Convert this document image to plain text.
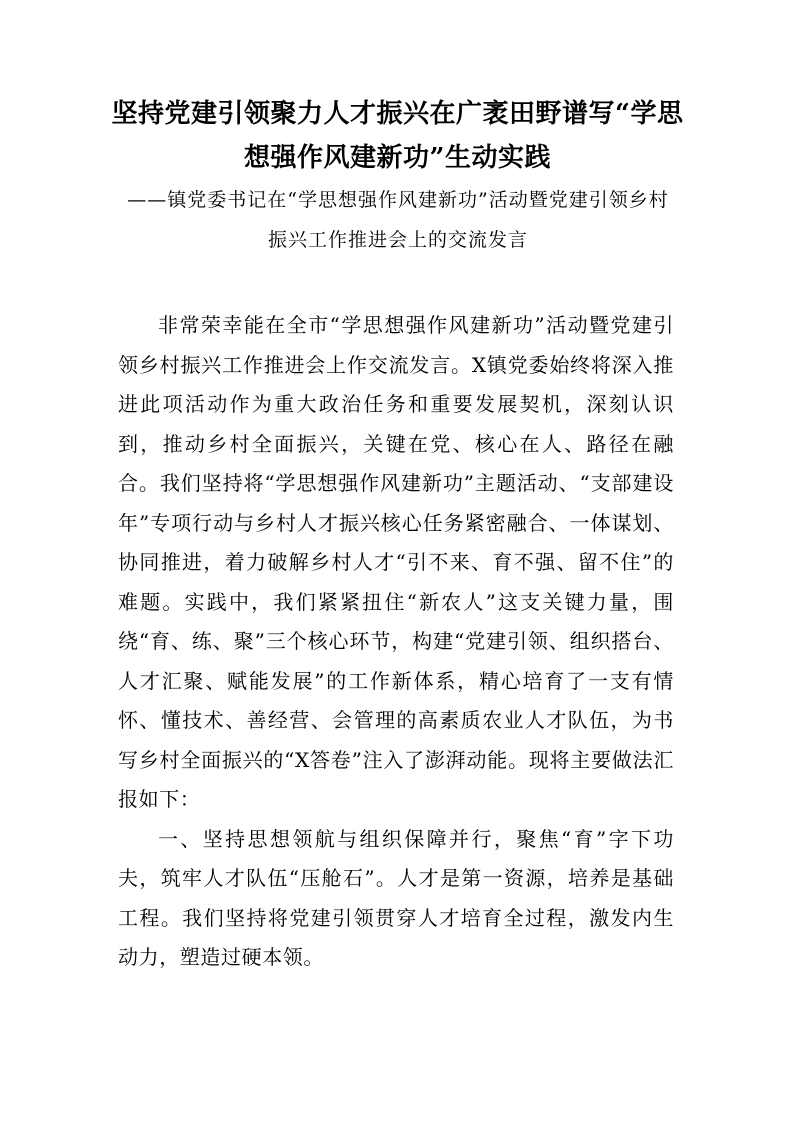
坚持党建引领聚力人才振兴在广袤田野谱写“学思想强作风建新功”生动实践

——镇党委书记在“学思想强作风建新功”活动暨党建引领乡村振兴工作推进会上的交流发言

非常荣幸能在全市“学思想强作风建新功”活动暨党建引领乡村振兴工作推进会上作交流发言。X镇党委始终将深入推进此项活动作为重大政治任务和重要发展契机，深刻认识到，推动乡村全面振兴，关键在党、核心在人、路径在融合。我们坚持将“学思想强作风建新功”主题活动、“支部建设年”专项行动与乡村人才振兴核心任务紧密融合、一体谋划、协同推进，着力破解乡村人才“引不来、育不强、留不住”的难题。实践中，我们紧紧扭住“新农人”这支关键力量，围绕“育、练、聚”三个核心环节，构建“党建引领、组织搭台、人才汇聚、赋能发展”的工作新体系，精心培育了一支有情怀、懂技术、善经营、会管理的高素质农业人才队伍，为书写乡村全面振兴的“X答卷”注入了澎湃动能。现将主要做法汇报如下：

一、坚持思想领航与组织保障并行，聚焦“育”字下功夫，筑牢人才队伍“压舱石”。人才是第一资源，培养是基础工程。我们坚持将党建引领贯穿人才培育全过程，激发内生动力，塑造过硬本领。
